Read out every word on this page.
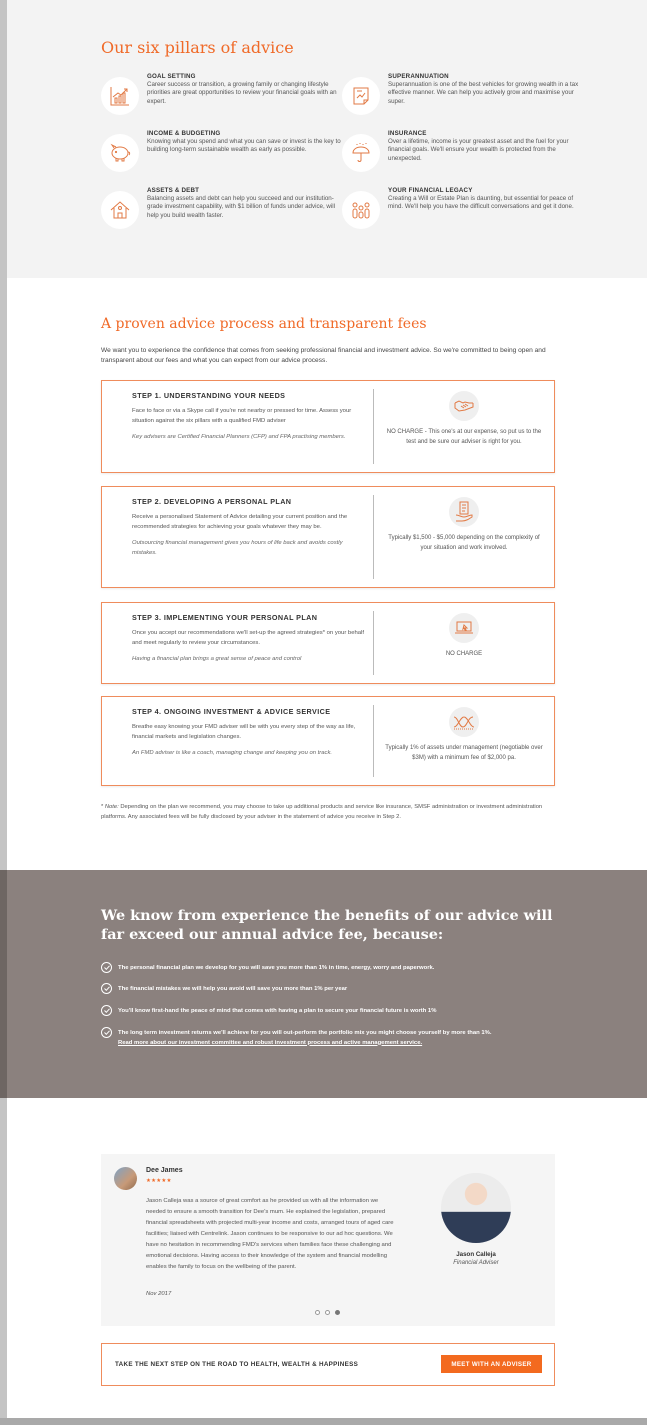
Our six pillars of advice
GOAL SETTING
Career success or transition, a growing family or changing lifestyle priorities are great opportunities to review your financial goals with an expert.
SUPERANNUATION
Superannuation is one of the best vehicles for growing wealth in a tax effective manner. We can help you actively grow and maximise your super.
INCOME & BUDGETING
Knowing what you spend and what you can save or invest is the key to building long-term sustainable wealth as early as possible.
INSURANCE
Over a lifetime, income is your greatest asset and the fuel for your financial goals. We'll ensure your wealth is protected from the unexpected.
ASSETS & DEBT
Balancing assets and debt can help you succeed and our institution-grade investment capability, with $1 billion of funds under advice, will help you build wealth faster.
YOUR FINANCIAL LEGACY
Creating a Will or Estate Plan is daunting, but essential for peace of mind. We'll help you have the difficult conversations and get it done.
A proven advice process and transparent fees

We want you to experience the confidence that comes from seeking professional financial and investment advice. So we're committed to being open and transparent about our fees and what you can expect from our advice process.

STEP 1. UNDERSTANDING YOUR NEEDS
Face to face or via a Skype call if you're not nearby or pressed for time. Assess your situation against the six pillars with a qualified FMD adviser
Key advisers are Certified Financial Planners (CFP) and FPA practising members.
NO CHARGE - This one's at our expense, so put us to the test and be sure our adviser is right for you.
STEP 2. DEVELOPING A PERSONAL PLAN
Receive a personalised Statement of Advice detailing your current position and the recommended strategies for achieving your goals whatever they may be.
Outsourcing financial management gives you hours of life back and avoids costly mistakes.
Typically $1,500 - $5,000 depending on the complexity of your situation and work involved.
STEP 3. IMPLEMENTING YOUR PERSONAL PLAN
Once you accept our recommendations we'll set-up the agreed strategies* on your behalf and meet regularly to review your circumstances.
Having a financial plan brings a great sense of peace and control
NO CHARGE
STEP 4. ONGOING INVESTMENT & ADVICE SERVICE
Breathe easy knowing your FMD adviser will be with you every step of the way as life, financial markets and legislation changes.
An FMD adviser is like a coach, managing change and keeping you on track.
Typically 1% of assets under management (negotiable over $3M) with a minimum fee of $2,000 pa.

* Note: Depending on the plan we recommend, you may choose to take up additional products and service like insurance, SMSF administration or investment administration platforms. Any associated fees will be fully disclosed by your adviser in the statement of advice you receive in Step 2.

We know from experience the benefits of our advice will far exceed our annual advice fee, because:
The personal financial plan we develop for you will save you more than 1% in time, energy, worry and paperwork.
The financial mistakes we will help you avoid will save you more than 1% per year
You'll know first-hand the peace of mind that comes with having a plan to secure your financial future is worth 1%
The long term investment returns we'll achieve for you will out-perform the portfolio mix you might choose yourself by more than 1%.
Read more about our investment committee and robust investment process and active management service.
Dee James
★★★★★

Jason Calleja was a source of great comfort as he provided us with all the information we needed to ensure a smooth transition for Dee's mum. He explained the legislation, prepared financial spreadsheets with projected multi-year income and costs, arranged tours of aged care facilities; liaised with Centrelink. Jason continues to be responsive to our ad hoc questions. We have no hesitation in recommending FMD's services when families face these challenging and emotional decisions. Having access to their knowledge of the system and financial modelling enables the family to focus on the wellbeing of the parent.

Nov 2017
Jason Calleja
Financial Adviser
TAKE THE NEXT STEP ON THE ROAD TO HEALTH, WEALTH & HAPPINESS	MEET WITH AN ADVISER
